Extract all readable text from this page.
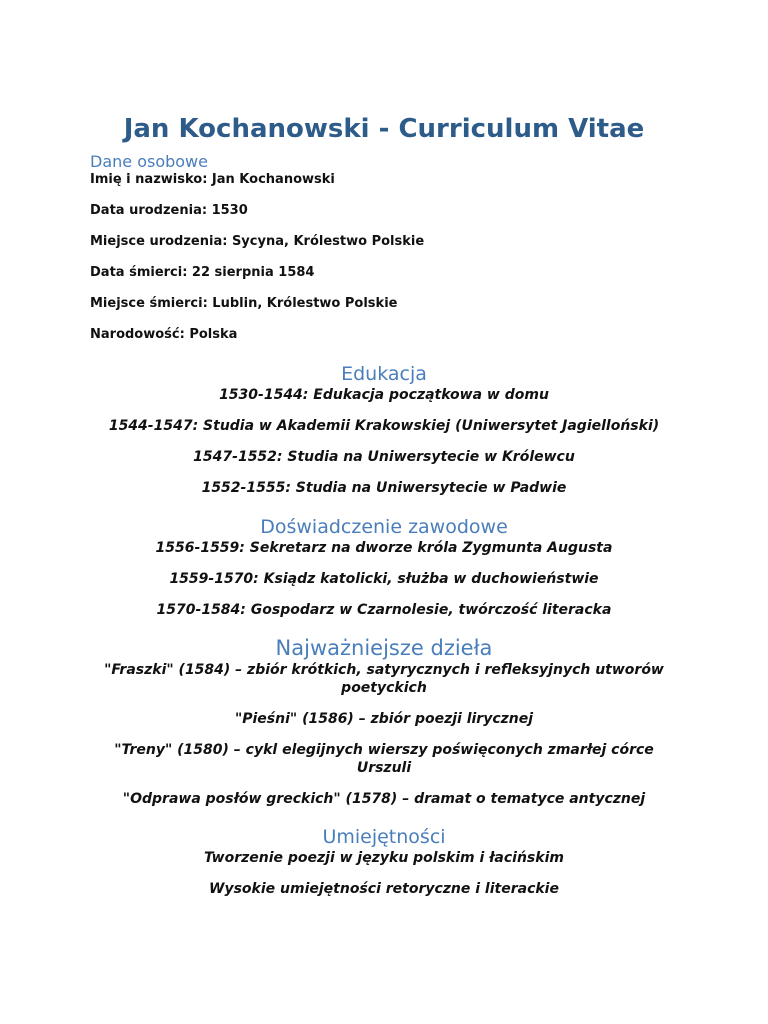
Jan Kochanowski - Curriculum Vitae
Dane osobowe

Imię i nazwisko: Jan Kochanowski

Data urodzenia: 1530

Miejsce urodzenia: Sycyna, Królestwo Polskie

Data śmierci: 22 sierpnia 1584

Miejsce śmierci: Lublin, Królestwo Polskie

Narodowość: Polska

Edukacja

1530-1544: Edukacja początkowa w domu

1544-1547: Studia w Akademii Krakowskiej (Uniwersytet Jagielloński)

1547-1552: Studia na Uniwersytecie w Królewcu

1552-1555: Studia na Uniwersytecie w Padwie

Doświadczenie zawodowe

1556-1559: Sekretarz na dworze króla Zygmunta Augusta

1559-1570: Ksiądz katolicki, służba w duchowieństwie

1570-1584: Gospodarz w Czarnolesie, twórczość literacka

Najważniejsze dzieła

"Fraszki" (1584) – zbiór krótkich, satyrycznych i refleksyjnych utworów poetyckich

"Pieśni" (1586) – zbiór poezji lirycznej

"Treny" (1580) – cykl elegijnych wierszy poświęconych zmarłej córce Urszuli

"Odprawa posłów greckich" (1578) – dramat o tematyce antycznej

Umiejętności

Tworzenie poezji w języku polskim i łacińskim

Wysokie umiejętności retoryczne i literackie
